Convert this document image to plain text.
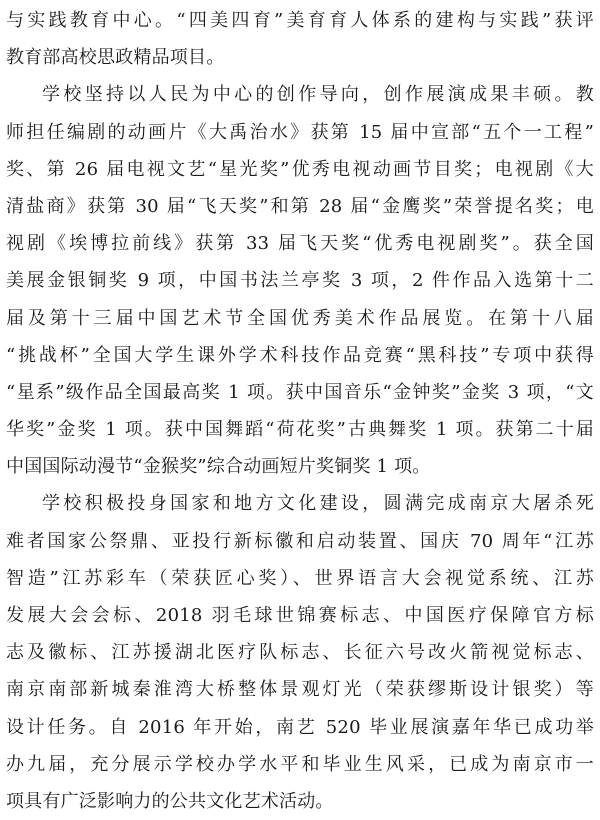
与实践教育中心。“四美四育”美育育人体系的建构与实践”获评
教育部高校思政精品项目。
学校坚持以人民为中心的创作导向，创作展演成果丰硕。教
师担任编剧的动画片《大禹治水》获第 15 届中宣部“五个一工程”
奖、第 26 届电视文艺“星光奖”优秀电视动画节目奖；电视剧《大
清盐商》获第 30 届“飞天奖”和第 28 届“金鹰奖”荣誉提名奖；电
视剧《埃博拉前线》获第 33 届飞天奖“优秀电视剧奖”。获全国
美展金银铜奖 9 项，中国书法兰亭奖 3 项，2 件作品入选第十二
届及第十三届中国艺术节全国优秀美术作品展览。在第十八届
“挑战杯”全国大学生课外学术科技作品竞赛“黑科技”专项中获得
“星系”级作品全国最高奖 1 项。获中国音乐“金钟奖”金奖 3 项，“文
华奖”金奖 1 项。获中国舞蹈“荷花奖”古典舞奖 1 项。获第二十届
中国国际动漫节“金猴奖”综合动画短片奖铜奖 1 项。
学校积极投身国家和地方文化建设，圆满完成南京大屠杀死
难者国家公祭鼎、亚投行新标徽和启动装置、国庆 70 周年“江苏
智造”江苏彩车（荣获匠心奖）、世界语言大会视觉系统、江苏
发展大会会标、2018 羽毛球世锦赛标志、中国医疗保障官方标
志及徽标、江苏援湖北医疗队标志、长征六号改火箭视觉标志、
南京南部新城秦淮湾大桥整体景观灯光（荣获缪斯设计银奖）等
设计任务。自 2016 年开始，南艺 520 毕业展演嘉年华已成功举
办九届，充分展示学校办学水平和毕业生风采，已成为南京市一
项具有广泛影响力的公共文化艺术活动。
